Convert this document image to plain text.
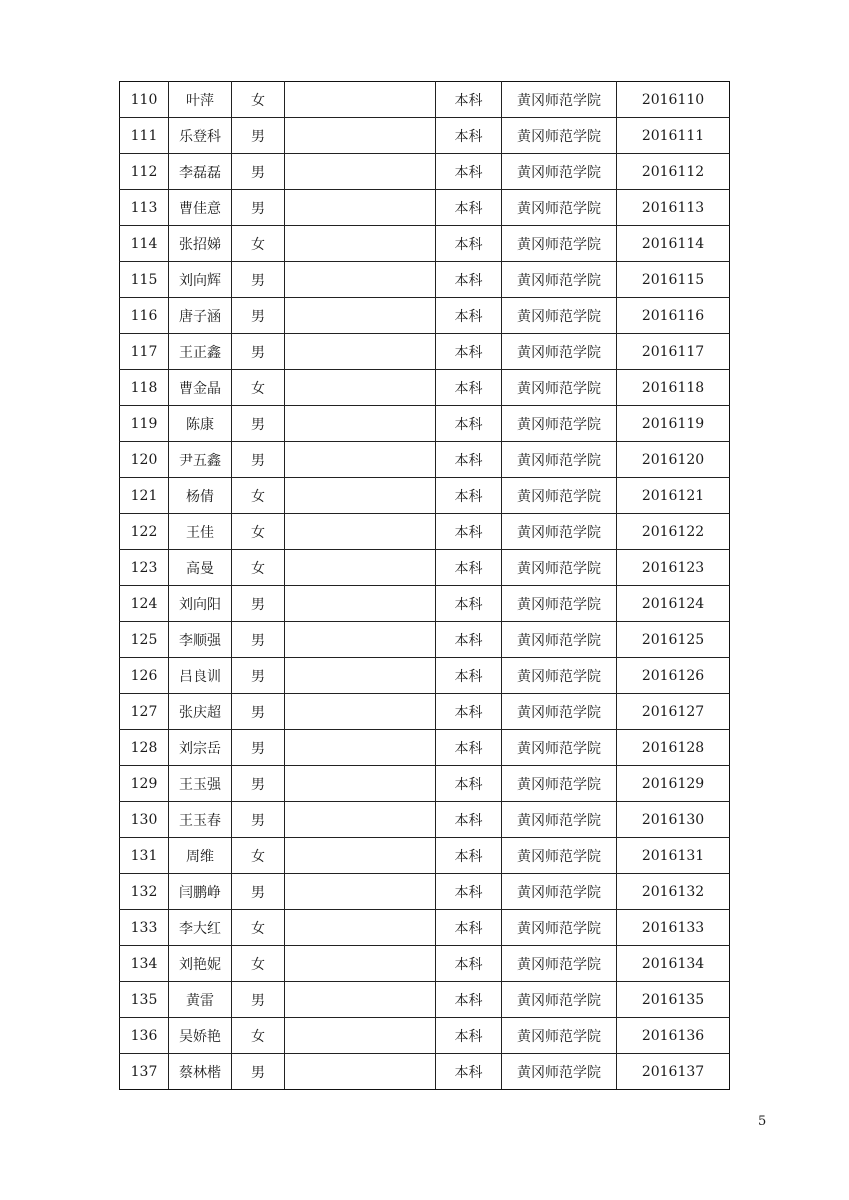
110	叶萍	女		本科	黄冈师范学院	2016110
111	乐登科	男		本科	黄冈师范学院	2016111
112	李磊磊	男		本科	黄冈师范学院	2016112
113	曹佳意	男		本科	黄冈师范学院	2016113
114	张招娣	女		本科	黄冈师范学院	2016114
115	刘向辉	男		本科	黄冈师范学院	2016115
116	唐子涵	男		本科	黄冈师范学院	2016116
117	王正鑫	男		本科	黄冈师范学院	2016117
118	曹金晶	女		本科	黄冈师范学院	2016118
119	陈康	男		本科	黄冈师范学院	2016119
120	尹五鑫	男		本科	黄冈师范学院	2016120
121	杨倩	女		本科	黄冈师范学院	2016121
122	王佳	女		本科	黄冈师范学院	2016122
123	高曼	女		本科	黄冈师范学院	2016123
124	刘向阳	男		本科	黄冈师范学院	2016124
125	李顺强	男		本科	黄冈师范学院	2016125
126	吕良训	男		本科	黄冈师范学院	2016126
127	张庆超	男		本科	黄冈师范学院	2016127
128	刘宗岳	男		本科	黄冈师范学院	2016128
129	王玉强	男		本科	黄冈师范学院	2016129
130	王玉春	男		本科	黄冈师范学院	2016130
131	周维	女		本科	黄冈师范学院	2016131
132	闫鹏峥	男		本科	黄冈师范学院	2016132
133	李大红	女		本科	黄冈师范学院	2016133
134	刘艳妮	女		本科	黄冈师范学院	2016134
135	黄雷	男		本科	黄冈师范学院	2016135
136	吴娇艳	女		本科	黄冈师范学院	2016136
137	蔡林楷	男		本科	黄冈师范学院	2016137
5
